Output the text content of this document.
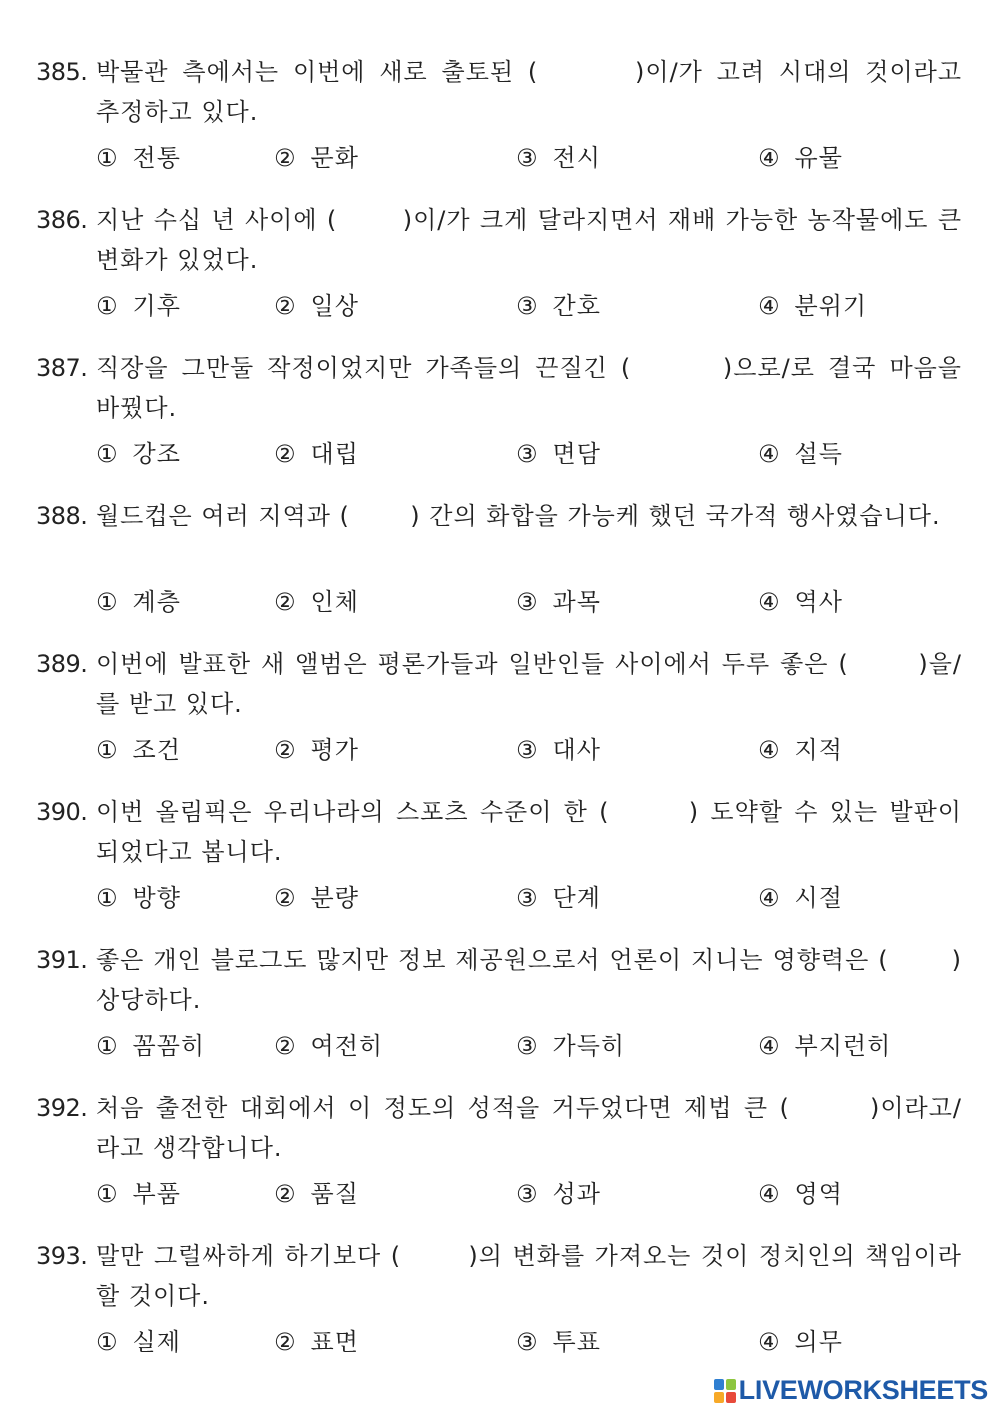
385. 박물관 측에서는 이번에 새로 출토된 (       )이/가 고려 시대의 것이라고 추정하고 있다.
① 전통	② 문화	③ 전시	④ 유물
386. 지난 수십 년 사이에 (       )이/가 크게 달라지면서 재배 가능한 농작물에도 큰 변화가 있었다.
① 기후	② 일상	③ 간호	④ 분위기
387. 직장을 그만둘 작정이었지만 가족들의 끈질긴 (       )으로/로 결국 마음을 바꿨다.
① 강조	② 대립	③ 면담	④ 설득
388. 월드컵은 여러 지역과 (       ) 간의 화합을 가능케 했던 국가적 행사였습니다.
① 계층	② 인체	③ 과목	④ 역사
389. 이번에 발표한 새 앨범은 평론가들과 일반인들 사이에서 두루 좋은 (       )을/를 받고 있다.
① 조건	② 평가	③ 대사	④ 지적
390. 이번 올림픽은 우리나라의 스포츠 수준이 한 (       ) 도약할 수 있는 발판이 되었다고 봅니다.
① 방향	② 분량	③ 단계	④ 시절
391. 좋은 개인 블로그도 많지만 정보 제공원으로서 언론이 지니는 영향력은 (       ) 상당하다.
① 꼼꼼히	② 여전히	③ 가득히	④ 부지런히
392. 처음 출전한 대회에서 이 정도의 성적을 거두었다면 제법 큰 (       )이라고/라고 생각합니다.
① 부품	② 품질	③ 성과	④ 영역
393. 말만 그럴싸하게 하기보다 (       )의 변화를 가져오는 것이 정치인의 책임이라 할 것이다.
① 실제	② 표면	③ 투표	④ 의무
LIVEWORKSHEETS
